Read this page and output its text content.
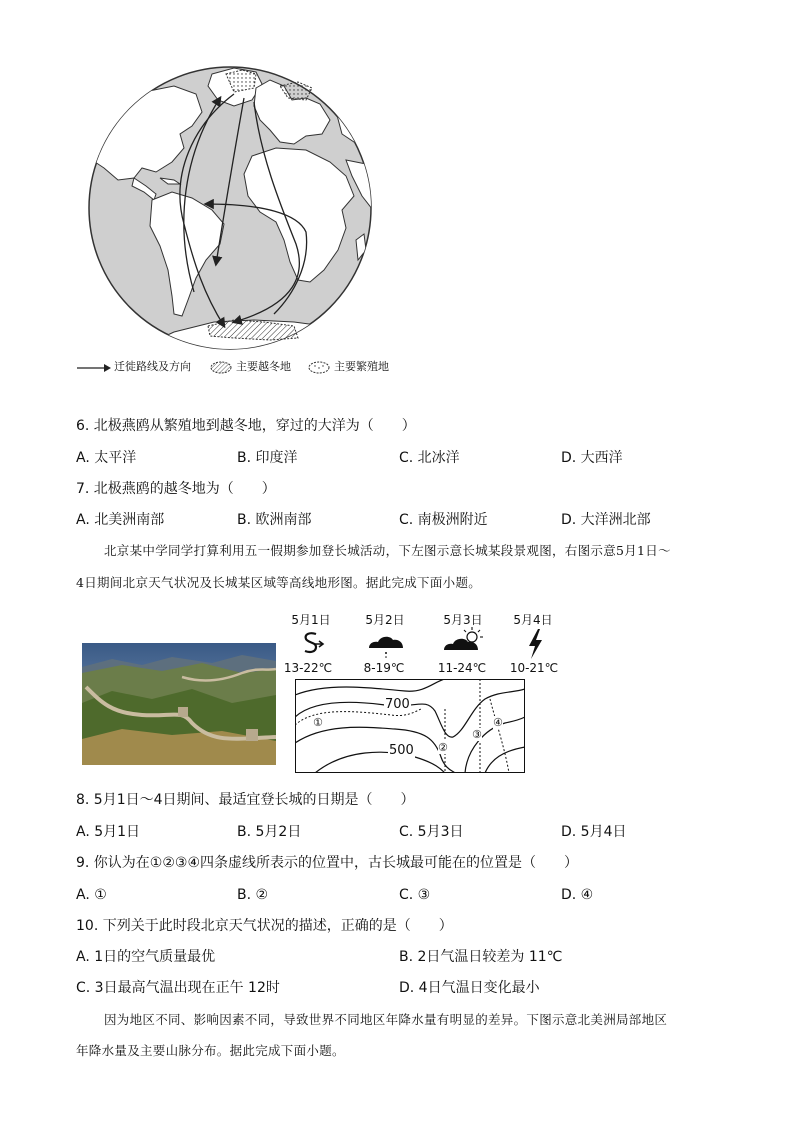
迁徙路线及方向	主要越冬地	主要繁殖地
6. 北极燕鸥从繁殖地到越冬地，穿过的大洋为（　　）
A. 太平洋	B. 印度洋	C. 北冰洋	D. 大西洋
7. 北极燕鸥的越冬地为（　　）
A. 北美洲南部	B. 欧洲南部	C. 南极洲附近	D. 大洋洲北部
北京某中学同学打算利用五一假期参加登长城活动，下左图示意长城某段景观图，右图示意5月1日～
4日期间北京天气状况及长城某区域等高线地形图。据此完成下面小题。
5月1日	5月2日	5月3日	5月4日
13-22℃	8-19℃	11-24℃	10-21℃
700
500
①
②
③
④
8. 5月1日～4日期间、最适宜登长城的日期是（　　）
A. 5月1日	B. 5月2日	C. 5月3日	D. 5月4日
9. 你认为在①②③④四条虚线所表示的位置中，古长城最可能在的位置是（　　）
A. ①	B. ②	C. ③	D. ④
10. 下列关于此时段北京天气状况的描述，正确的是（　　）
A. 1日的空气质量最优	B. 2日气温日较差为 11℃
C. 3日最高气温出现在正午 12时	D. 4日气温日变化最小
因为地区不同、影响因素不同，导致世界不同地区年降水量有明显的差异。下图示意北美洲局部地区
年降水量及主要山脉分布。据此完成下面小题。
